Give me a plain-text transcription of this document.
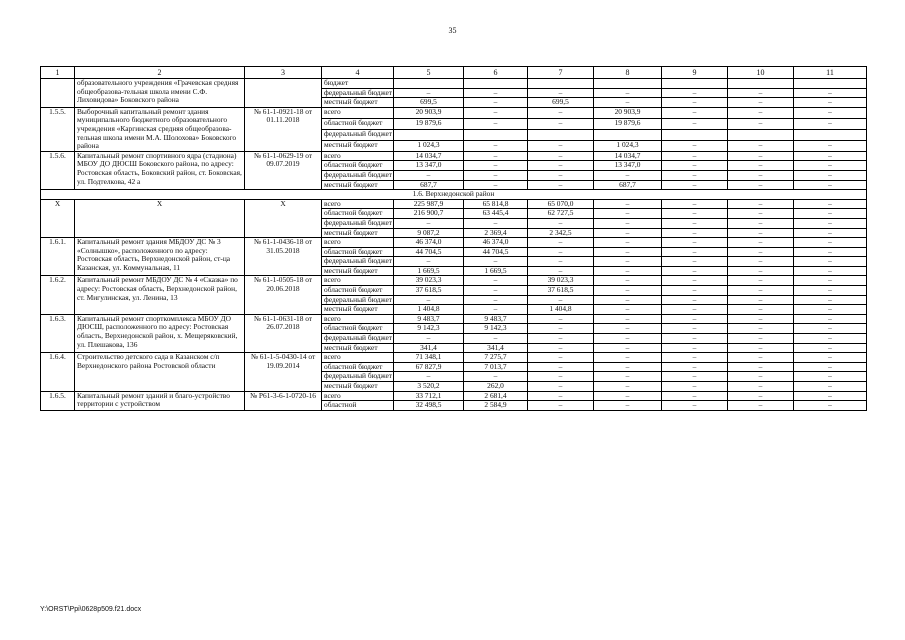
35
1	2	3	4	5	6	7	8	9	10	11
	образовательного учреждения «Грачевская средняя общеобразова-тельная школа имени С.Ф. Лиховидова» Боковского района		бюджет							
			федеральный бюджет	–	–	–	–	–	–	–
			местный бюджет	699,5	–	699,5	–	–	–	–
1.5.5.	Выборочный капитальный ремонт здания муниципального бюджетного образовательного учреждения «Каргинская средняя общеобразова-тельная школа имени М.А. Шолохова» Боковского района	№ 61-1-0921-18 от 01.11.2018	всего	20 903,9	–	–	20 903,9	–	–	–
			областной бюджет	19 879,6	–	–	19 879,6	–	–	–
			федеральный бюджет							
			местный бюджет	1 024,3	–	–	1 024,3	–	–	–
1.5.6.	Капитальный ремонт спортивного ядра (стадиона) МБОУ ДО ДЮСШ Боковского района, по адресу: Ростовская область, Боковский район, ст. Боковская, ул. Подтелкова, 42 а	№ 61-1-0629-19 от 09.07.2019	всего	14 034,7	–	–	14 034,7	–	–	–
			областной бюджет	13 347,0	–	–	13 347,0	–	–	–
			федеральный бюджет	–	–	–	–	–	–	–
			местный бюджет	687,7	–	–	687,7	–	–	–
1.6. Верхнедонской район										
Х	Х	Х	всего	225 987,9	65 814,8	65 070,0	–	–	–	–
			областной бюджет	216 900,7	63 445,4	62 727,5	–	–	–	–
			федеральный бюджет	–	–	–	–	–	–	–
			местный бюджет	9 087,2	2 369,4	2 342,5	–	–	–	–
1.6.1.	Капитальный ремонт здания МБДОУ ДС № 3 «Солнышко», расположенного по адресу: Ростовская область, Верхнедонской район, ст-ца Казанская, ул. Коммунальная, 11	№ 61-1-0436-18 от 31.05.2018	всего	46 374,0	46 374,0	–	–	–	–	–
			областной бюджет	44 704,5	44 704,5	–	–	–	–	–
			федеральный бюджет	–	–	–	–	–	–	–
			местный бюджет	1 669,5	1 669,5	–	–	–	–	–
1.6.2.	Капитальный ремонт МБДОУ ДС № 4 «Сказка» по адресу: Ростовская область, Верхнедонской район, ст. Мигулинская, ул. Ленина, 13	№ 61-1-0505-18 от 20.06.2018	всего	39 023,3	–	39 023,3	–	–	–	–
			областной бюджет	37 618,5	–	37 618,5	–	–	–	–
			федеральный бюджет	–	–	–	–	–	–	–
			местный бюджет	1 404,8	–	1 404,8	–	–	–	–
1.6.3.	Капитальный ремонт спорткомплекса МБОУ ДО ДЮСШ, расположенного по адресу: Ростовская область, Верхнедонской район, х. Мещеряковский, ул. Плешакова, 136	№ 61-1-0631-18 от 26.07.2018	всего	9 483,7	9 483,7	–	–	–	–	–
			областной бюджет	9 142,3	9 142,3	–	–	–	–	–
			федеральный бюджет	–	–	–	–	–	–	–
			местный бюджет	341,4	341,4	–	–	–	–	–
1.6.4.	Строительство детского сада в Казанском с/п Верхнедонского района Ростовской области	№ 61-1-5-0430-14 от 19.09.2014	всего	71 348,1	7 275,7	–	–	–	–	–
			областной бюджет	67 827,9	7 013,7	–	–	–	–	–
			федеральный бюджет	–	–	–	–	–	–	–
			местный бюджет	3 520,2	262,0	–	–	–	–	–
1.6.5.	Капитальный ремонт зданий и благо-устройство территории с устройством	№ Р61-3-6-1-0720-16	всего	33 712,1	2 681,4	–	–	–	–	–
			областной	32 498,5	2 584,9	–	–	–	–	–
Y:\ORST\Ppi\0628p509.f21.docx
